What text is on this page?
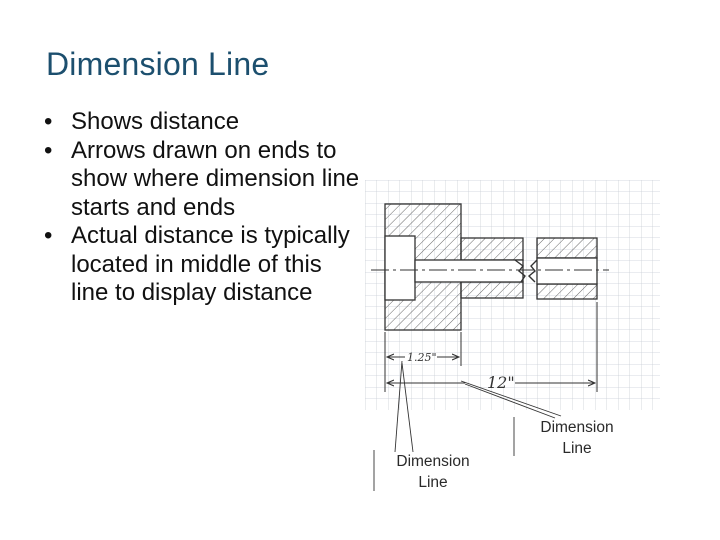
Dimension Line
• Shows distance
• Arrows drawn on ends to show where dimension line starts and ends
• Actual distance is typically located in middle of this line to display distance
1.25"
12"
Dimension Line
Dimension Line
